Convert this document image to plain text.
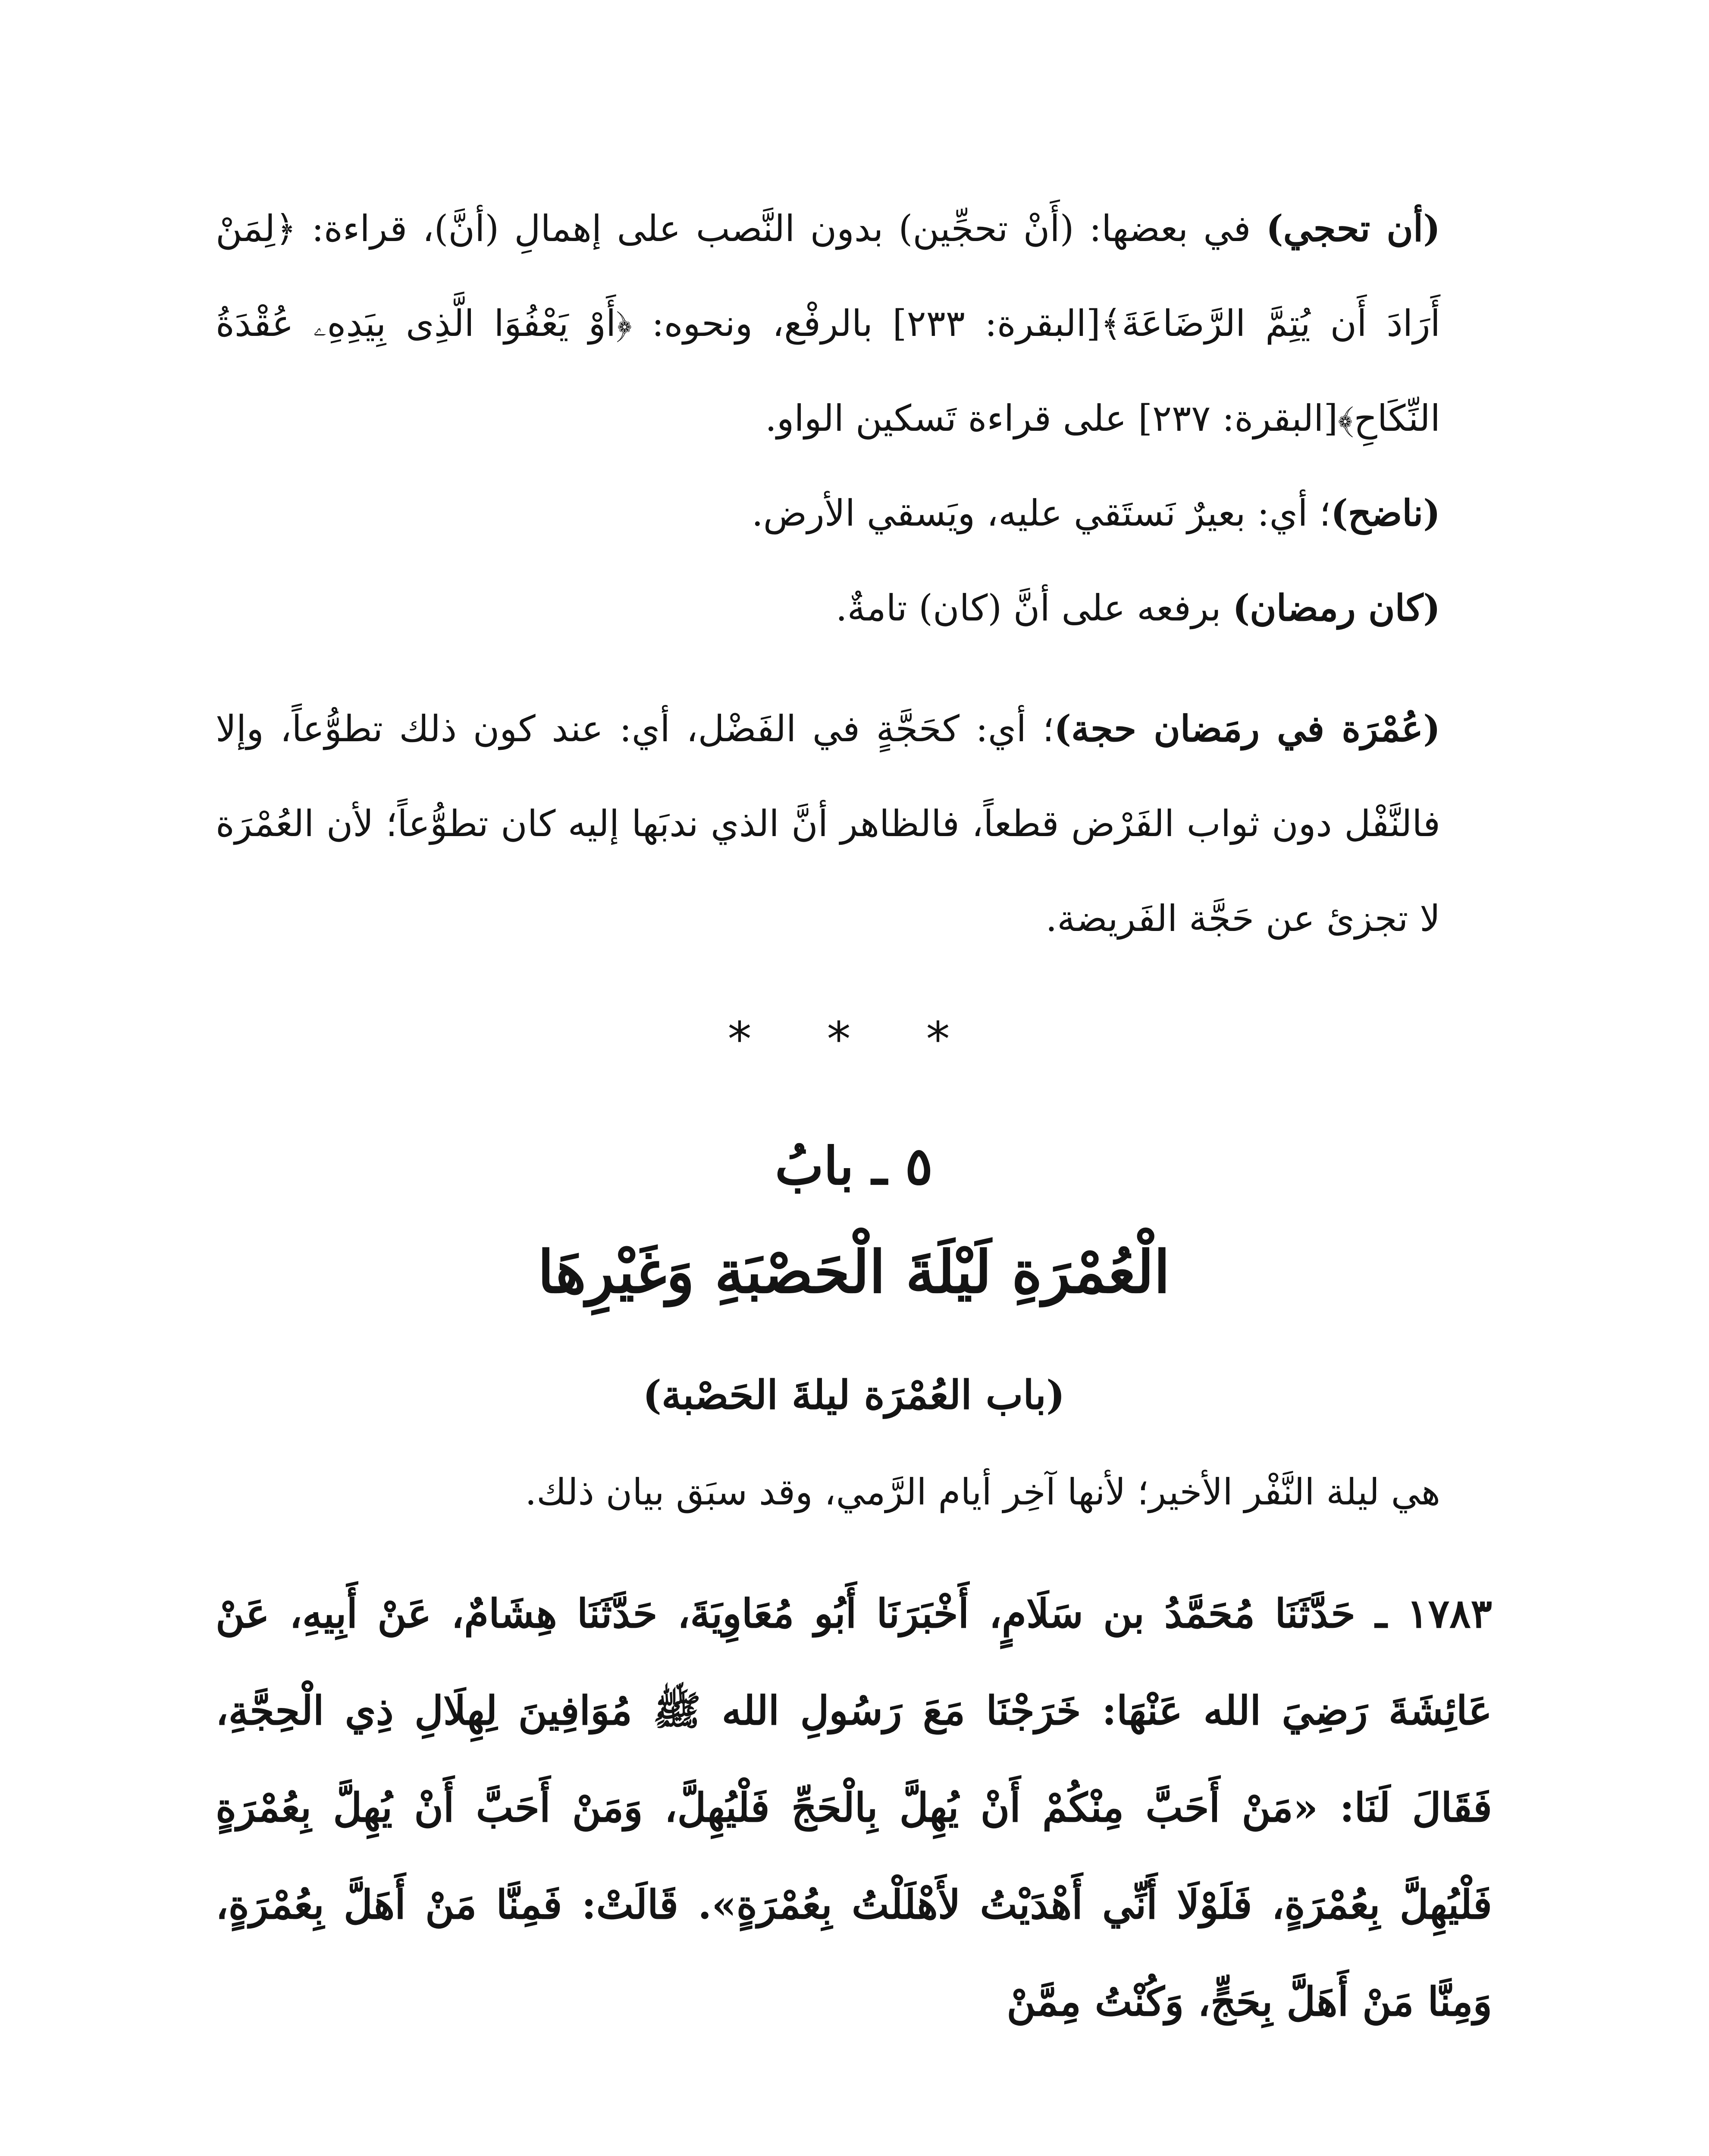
(أن تحجي) في بعضها: (أَنْ تحجِّين) بدون النَّصب على إهمالِ (أنَّ)، قراءة: ﴿لِمَنْ أَرَادَ أَن يُتِمَّ الرَّضَاعَةَ﴾[البقرة: ٢٣٣] بالرفْع، ونحوه: ﴿أَوْ يَعْفُوَا الَّذِى بِيَدِهِۦ عُقْدَةُ النِّكَاحِ﴾[البقرة: ٢٣٧] على قراءة تَسكين الواو.

(ناضح)؛ أي: بعيرٌ نَستَقي عليه، ويَسقي الأرض.

(كان رمضان) برفعه على أنَّ (كان) تامةٌ.

(عُمْرَة في رمَضان حجة)؛ أي: كحَجَّةٍ في الفَضْل، أي: عند كون ذلك تطوُّعاً، وإلا فالنَّفْل دون ثواب الفَرْض قطعاً، فالظاهر أنَّ الذي ندبَها إليه كان تطوُّعاً؛ لأن العُمْرَة لا تجزئ عن حَجَّة الفَريضة.

* * *
٥ ـ بابُ
الْعُمْرَةِ لَيْلَةَ الْحَصْبَةِ وَغَيْرِهَا
(باب العُمْرَة ليلةَ الحَصْبة)

هي ليلة النَّفْر الأخير؛ لأنها آخِر أيام الرَّمي، وقد سبَق بيان ذلك.

١٧٨٣ ـ حَدَّثَنَا مُحَمَّدُ بن سَلَامٍ، أَخْبَرَنَا أَبُو مُعَاوِيَةَ، حَدَّثَنَا هِشَامٌ، عَنْ أَبِيهِ، عَنْ عَائِشَةَ رَضِيَ الله عَنْهَا: خَرَجْنَا مَعَ رَسُولِ الله ﷺ مُوَافِينَ لِهِلَالِ ذِي الْحِجَّةِ، فَقَالَ لَنَا: «مَنْ أَحَبَّ مِنْكُمْ أَنْ يُهِلَّ بِالْحَجِّ فَلْيُهِلَّ، وَمَنْ أَحَبَّ أَنْ يُهِلَّ بِعُمْرَةٍ فَلْيُهِلَّ بِعُمْرَةٍ، فَلَوْلَا أَنِّي أَهْدَيْتُ لأَهْلَلْتُ بِعُمْرَةٍ». قَالَتْ: فَمِنَّا مَنْ أَهَلَّ بِعُمْرَةٍ، وَمِنَّا مَنْ أَهَلَّ بِحَجٍّ، وَكُنْتُ مِمَّنْ
